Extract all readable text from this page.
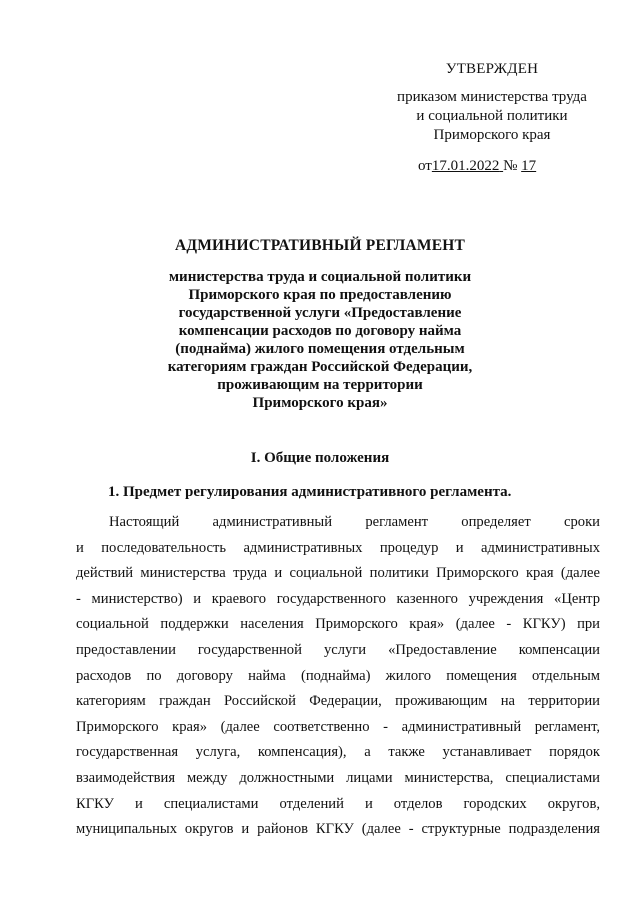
УТВЕРЖДЕН
приказом министерства труда
и социальной политики
Приморского края
от17.01.2022 № 17
АДМИНИСТРАТИВНЫЙ РЕГЛАМЕНТ
министерства труда и социальной политики
Приморского края по предоставлению
государственной услуги «Предоставление
компенсации расходов по договору найма
(поднайма) жилого помещения отдельным
категориям граждан Российской Федерации,
проживающим на территории
Приморского края»
I. Общие положения
1. Предмет регулирования административного регламента.
Настоящий административный регламент определяет сроки
и последовательность административных процедур и административных
действий министерства труда и социальной политики Приморского края (далее
- министерство) и краевого государственного казенного учреждения «Центр
социальной поддержки населения Приморского края» (далее - КГКУ) при
предоставлении государственной услуги «Предоставление компенсации
расходов по договору найма (поднайма) жилого помещения отдельным
категориям граждан Российской Федерации, проживающим на территории
Приморского края» (далее соответственно - административный регламент,
государственная услуга, компенсация), а также устанавливает порядок
взаимодействия между должностными лицами министерства, специалистами
КГКУ и специалистами отделений и отделов городских округов,
муниципальных округов и районов КГКУ (далее - структурные подразделения
